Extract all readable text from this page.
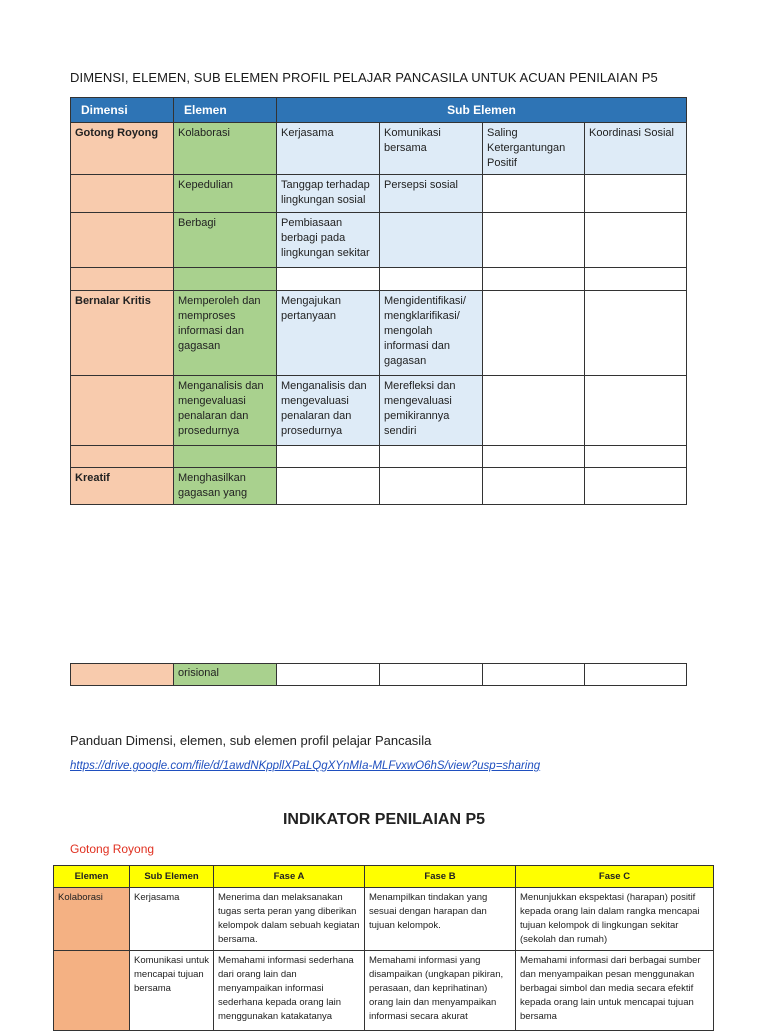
DIMENSI, ELEMEN, SUB ELEMEN PROFIL PELAJAR PANCASILA UNTUK ACUAN PENILAIAN P5
Dimensi	Elemen	Sub Elemen			
Gotong Royong	Kolaborasi	Kerjasama	Komunikasi bersama	Saling Ketergantungan Positif	Koordinasi Sosial
	Kepedulian	Tanggap terhadap lingkungan sosial	Persepsi sosial		
	Berbagi	Pembiasaan berbagi pada lingkungan sekitar			

Bernalar Kritis	Memperoleh dan memproses informasi dan gagasan	Mengajukan pertanyaan	Mengidentifikasi/ mengklarifikasi/ mengolah informasi dan gagasan		
	Menganalisis dan mengevaluasi penalaran dan prosedurnya	Menganalisis dan mengevaluasi penalaran dan prosedurnya	Merefleksi dan mengevaluasi pemikirannya sendiri		

Kreatif	Menghasilkan gagasan yang				
	orisional				
Panduan Dimensi, elemen, sub elemen profil pelajar Pancasila
https://drive.google.com/file/d/1awdNKppllXPaLQgXYnMIa-MLFvxwO6hS/view?usp=sharing
INDIKATOR PENILAIAN P5
Gotong Royong
Elemen	Sub Elemen	Fase A	Fase B	Fase C
Kolaborasi	Kerjasama	Menerima dan melaksanakan tugas serta peran yang diberikan kelompok dalam sebuah kegiatan bersama.	Menampilkan tindakan yang sesuai dengan harapan dan tujuan kelompok.	Menunjukkan ekspektasi (harapan) positif kepada orang lain dalam rangka mencapai tujuan kelompok di lingkungan sekitar (sekolah dan rumah)
	Komunikasi untuk mencapai tujuan bersama	Memahami informasi sederhana dari orang lain dan menyampaikan informasi sederhana kepada orang lain menggunakan katakatanya	Memahami informasi yang disampaikan (ungkapan pikiran, perasaan, dan keprihatinan) orang lain dan menyampaikan informasi secara akurat	Memahami informasi dari berbagai sumber dan menyampaikan pesan menggunakan berbagai simbol dan media secara efektif kepada orang lain untuk mencapai tujuan bersama
